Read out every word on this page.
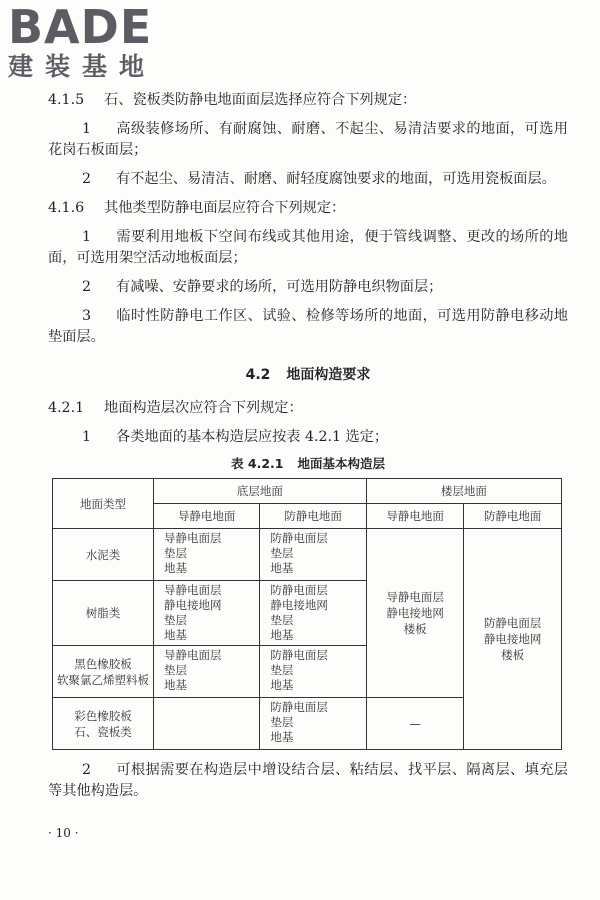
BADE
建装基地

4.1.5 石、瓷板类防静电地面面层选择应符合下列规定：

1 高级装修场所、有耐腐蚀、耐磨、不起尘、易清洁要求的地面，可选用花岗石板面层；

2 有不起尘、易清洁、耐磨、耐轻度腐蚀要求的地面，可选用瓷板面层。

4.1.6 其他类型防静电面层应符合下列规定：

1 需要利用地板下空间布线或其他用途，便于管线调整、更改的场所的地面，可选用架空活动地板面层；

2 有减噪、安静要求的场所，可选用防静电织物面层；

3 临时性防静电工作区、试验、检修等场所的地面，可选用防静电移动地垫面层。

4.2 地面构造要求

4.2.1 地面构造层次应符合下列规定：

1 各类地面的基本构造层应按表 4.2.1 选定；

表 4.2.1 地面基本构造层
地面类型	底层地面		楼层地面	
	导静电地面	防静电地面	导静电地面	防静电地面

水泥类	导静电面层
垫层
地基	防静电面层
垫层
地基	导静电面层
静电接地网
楼板	防静电面层
静电接地网
楼板

树脂类	导静电面层
静电接地网
垫层
地基	防静电面层
静电接地网
垫层
地基		

黑色橡胶板
软聚氯乙烯塑料板	导静电面层
垫层
地基	防静电面层
垫层
地基		

彩色橡胶板
石、瓷板类		防静电面层
垫层
地基	—	

2 可根据需要在构造层中增设结合层、粘结层、找平层、隔离层、填充层等其他构造层。

· 10 ·
